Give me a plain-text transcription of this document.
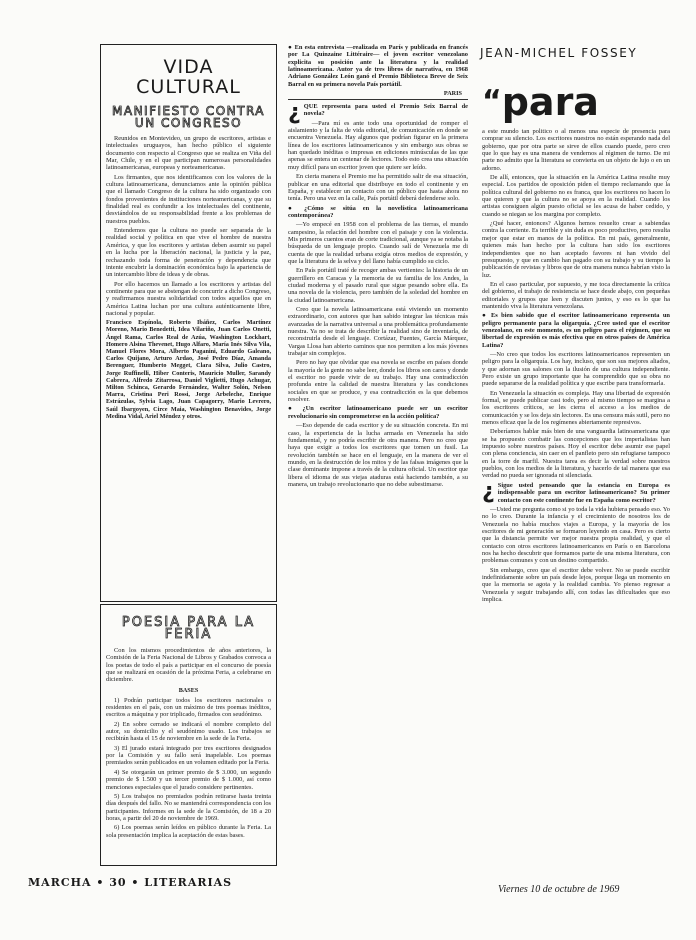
VIDA
CULTURAL
MANIFIESTO CONTRA UN CONGRESO

Reunidos en Montevideo, un grupo de escritores, artistas e intelectuales uruguayos, han hecho público el siguiente documento con respecto al Congreso que se realiza en Viña del Mar, Chile, y en el que participan numerosas personalidades latinoamericanas, europeas y norteamericanas.

Los firmantes, que nos identificamos con los valores de la cultura latinoamericana, denunciamos ante la opinión pública que el llamado Congreso de la cultura ha sido organizado con fondos provenientes de instituciones norteamericanas, y que su finalidad real es confundir a los intelectuales del continente, desviándolos de su responsabilidad frente a los problemas de nuestros pueblos.

Entendemos que la cultura no puede ser separada de la realidad social y política en que vive el hombre de nuestra América, y que los escritores y artistas deben asumir su papel en la lucha por la liberación nacional, la justicia y la paz, rechazando toda forma de penetración y dependencia que intente encubrir la dominación económica bajo la apariencia de un intercambio libre de ideas y de obras.

Por ello hacemos un llamado a los escritores y artistas del continente para que se abstengan de concurrir a dicho Congreso, y reafirmamos nuestra solidaridad con todos aquellos que en América Latina luchan por una cultura auténticamente libre, nacional y popular.

Francisco Espínola, Roberto Ibáñez, Carlos Martínez Moreno, Mario Benedetti, Idea Vilariño, Juan Carlos Onetti, Ángel Rama, Carlos Real de Azúa, Washington Lockhart, Homero Alsina Thevenet, Hugo Alfaro, María Inés Silva Vila, Manuel Flores Mora, Alberto Paganini, Eduardo Galeano, Carlos Quijano, Arturo Ardao, José Pedro Díaz, Amanda Berenguer, Humberto Megget, Clara Silva, Julio Castro, Jorge Ruffinelli, Hiber Conteris, Mauricio Muller, Sarandy Cabrera, Alfredo Zitarrosa, Daniel Viglietti, Hugo Achugar, Milton Schinca, Gerardo Fernández, Walter Solón, Nelson Marra, Cristina Peri Rossi, Jorge Arbeleche, Enrique Estrázulas, Sylvia Lago, Juan Capagorry, Mario Levrero, Saúl Ibargoyen, Circe Maia, Washington Benavides, Jorge Medina Vidal, Ariel Méndez y otros.

POESIA PARA LA FERIA

Con los mismos procedimientos de años anteriores, la Comisión de la Feria Nacional de Libros y Grabados convoca a los poetas de todo el país a participar en el concurso de poesía que se realizará en ocasión de la próxima Feria, a celebrarse en diciembre.

BASES

1) Podrán participar todos los escritores nacionales o residentes en el país, con un máximo de tres poemas inéditos, escritos a máquina y por triplicado, firmados con seudónimo.

2) En sobre cerrado se indicará el nombre completo del autor, su domicilio y el seudónimo usado. Los trabajos se recibirán hasta el 15 de noviembre en la sede de la Feria.

3) El jurado estará integrado por tres escritores designados por la Comisión y su fallo será inapelable. Los poemas premiados serán publicados en un volumen editado por la Feria.

4) Se otorgarán un primer premio de $ 3.000, un segundo premio de $ 1.500 y un tercer premio de $ 1.000, así como menciones especiales que el jurado considere pertinentes.

5) Los trabajos no premiados podrán retirarse hasta treinta días después del fallo. No se mantendrá correspondencia con los participantes. Informes en la sede de la Comisión, de 18 a 20 horas, a partir del 20 de noviembre de 1969.

6) Los poemas serán leídos en público durante la Feria. La sola presentación implica la aceptación de estas bases.

● En esta entrevista —realizada en París y publicada en francés por La Quinzaine Littéraire— el joven escritor venezolano explicita su posición ante la literatura y la realidad latinoamericana. Autor ya de tres libros de narrativa, en 1968 Adriano González León ganó el Premio Biblioteca Breve de Seix Barral en su primera novela País portátil.

PARIS

¿ QUE representa para usted el Premio Seix Barral de novela?

—Para mí es ante todo una oportunidad de romper el aislamiento y la falta de vida editorial, de comunicación en donde se encuentra Venezuela. Hay algunos que podrían figurar en la primera línea de los escritores latinoamericanos y sin embargo sus obras se han quedado inéditas o impresas en ediciones minúsculas de las que apenas se entera un centenar de lectores. Todo esto crea una situación muy difícil para un escritor joven que quiere ser leído.

En cierta manera el Premio me ha permitido salir de esa situación, publicar en una editorial que distribuye en todo el continente y en España, y establecer un contacto con un público que hasta ahora no tenía. Pero una vez en la calle, País portátil deberá defenderse solo.

● ¿Cómo se sitúa en la novelística latinoamericana contemporánea?

—Yo empecé en 1958 con el problema de las tierras, el mundo campesino, la relación del hombre con el paisaje y con la violencia. Mis primeros cuentos eran de corte tradicional, aunque ya se notaba la búsqueda de un lenguaje propio. Cuando salí de Venezuela me di cuenta de que la realidad urbana exigía otros medios de expresión, y que la literatura de la selva y del llano había cumplido su ciclo.

En País portátil traté de recoger ambas vertientes: la historia de un guerrillero en Caracas y la memoria de su familia de los Andes, la ciudad moderna y el pasado rural que sigue pesando sobre ella. Es una novela de la violencia, pero también de la soledad del hombre en la ciudad latinoamericana.

Creo que la novela latinoamericana está viviendo un momento extraordinario, con autores que han sabido integrar las técnicas más avanzadas de la narrativa universal a una problemática profundamente nuestra. Ya no se trata de describir la realidad sino de inventarla, de reconstruirla desde el lenguaje. Cortázar, Fuentes, García Márquez, Vargas Llosa han abierto caminos que nos permiten a los más jóvenes trabajar sin complejos.

Pero no hay que olvidar que esa novela se escribe en países donde la mayoría de la gente no sabe leer, donde los libros son caros y donde el escritor no puede vivir de su trabajo. Hay una contradicción profunda entre la calidad de nuestra literatura y las condiciones sociales en que se produce, y esa contradicción es la que debemos resolver.

● ¿Un escritor latinoamericano puede ser un escritor revolucionario sin comprometerse en la acción política?

—Eso depende de cada escritor y de su situación concreta. En mi caso, la experiencia de la lucha armada en Venezuela ha sido fundamental, y no podría escribir de otra manera. Pero no creo que haya que exigir a todos los escritores que tomen un fusil. La revolución también se hace en el lenguaje, en la manera de ver el mundo, en la destrucción de los mitos y de las falsas imágenes que la clase dominante impone a través de la cultura oficial. Un escritor que libera el idioma de sus viejas ataduras está haciendo también, a su manera, un trabajo revolucionario que no debe subestimarse.

JEAN-MICHEL FOSSEY
“para

a este mundo tan politico o al menos una especie de presencia para comprar su silencio. Los escritores nuestros no están esperando nada del gobierno, que por otra parte se sirve de ellos cuando puede, pero creo que lo que hay es una manera de vendernos al régimen de turno. De mi parte no admito que la literatura se convierta en un objeto de lujo o en un adorno.

De allí, entonces, que la situación en la América Latina resulte muy especial. Los partidos de oposición piden el tiempo reclamando que la política cultural del gobierno no es franca, que los escritores no hacen lo que quieren y que la cultura no se apoya en la realidad. Cuando los artistas consiguen algún puesto oficial se les acusa de haber cedido, y cuando se niegan se los margina por completo.

¿Qué hacer, entonces? Algunos hemos resuelto crear a sabiendas contra la corriente. Es terrible y sin duda es poco productivo, pero resulta mejor que estar en manos de la política. En mi país, generalmente, quienes más han hecho por la cultura han sido los escritores independientes que no han aceptado favores ni han vivido del presupuesto, y que en cambio han pagado con su trabajo y su tiempo la publicación de revistas y libros que de otra manera nunca habrían visto la luz.

En el caso particular, por supuesto, y me toca directamente la crítica del gobierno, el trabajo de resistencia se hace desde abajo, con pequeñas editoriales y grupos que leen y discuten juntos, y eso es lo que ha mantenido viva la literatura venezolana.

● Es bien sabido que el escritor latinoamericano representa un peligro permanente para la oligarquía. ¿Cree usted que el escritor venezolano, en este momento, es un peligro para el régimen, que su libertad de expresión es más efectiva que en otros países de América Latina?

—No creo que todos los escritores latinoamericanos representen un peligro para la oligarquía. Los hay, incluso, que son sus mejores aliados, y que adornan sus salones con la ilusión de una cultura independiente. Pero existe un grupo importante que ha comprendido que su obra no puede separarse de la realidad política y que escribe para transformarla.

En Venezuela la situación es compleja. Hay una libertad de expresión formal, se puede publicar casi todo, pero al mismo tiempo se margina a los escritores críticos, se les cierra el acceso a los medios de comunicación y se los deja sin lectores. Es una censura más sutil, pero no menos eficaz que la de los regímenes abiertamente represivos.

Deberíamos hablar más bien de una vanguardia latinoamericana que se ha propuesto combatir las concepciones que los imperialistas han impuesto sobre nuestros países. Hoy el escritor debe asumir ese papel con plena conciencia, sin caer en el panfleto pero sin refugiarse tampoco en la torre de marfil. Nuestra tarea es decir la verdad sobre nuestros pueblos, con los medios de la literatura, y hacerlo de tal manera que esa verdad no pueda ser ignorada ni silenciada.

¿ Sigue usted pensando que la estancia en Europa es indispensable para un escritor latinoamericano? Su primer contacto con este continente fue en España como escritor?

—Usted me pregunta como si yo toda la vida hubiera pensado eso. Yo no lo creo. Durante la infancia y el crecimiento de nosotros los de Venezuela no había muchos viajes a Europa, y la mayoría de los escritores de mi generación se formaron leyendo en casa. Pero es cierto que la distancia permite ver mejor nuestra propia realidad, y que el contacto con otros escritores latinoamericanos en París o en Barcelona nos ha hecho descubrir que formamos parte de una misma literatura, con problemas comunes y con un destino compartido.

Sin embargo, creo que el escritor debe volver. No se puede escribir indefinidamente sobre un país desde lejos, porque llega un momento en que la memoria se agota y la realidad cambia. Yo pienso regresar a Venezuela y seguir trabajando allí, con todas las dificultades que eso implica.

MARCHA • 30 • LITERARIAS
Viernes 10 de octubre de 1969
